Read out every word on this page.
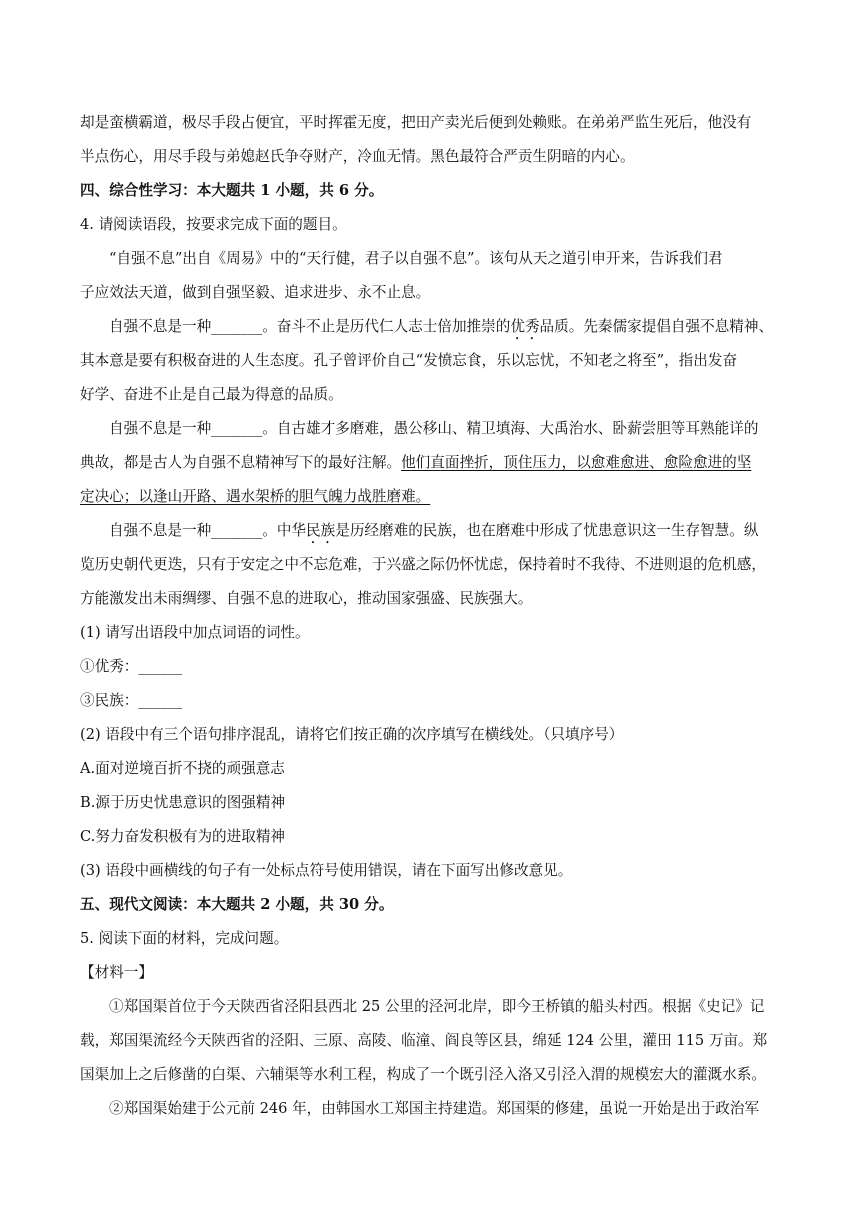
却是蛮横霸道，极尽手段占便宜，平时挥霍无度，把田产卖光后便到处赖账。在弟弟严监生死后，他没有
半点伤心，用尽手段与弟媳赵氏争夺财产，冷血无情。黑色最符合严贡生阴暗的内心。
四、综合性学习：本大题共 1 小题，共 6 分。
4. 请阅读语段，按要求完成下面的题目。
“自强不息”出自《周易》中的“天行健，君子以自强不息”。该句从天之道引申开来，告诉我们君
子应效法天道，做到自强坚毅、追求进步、永不止息。
自强不息是一种_______。奋斗不止是历代仁人志士倍加推崇的优秀品质。先秦儒家提倡自强不息精神、
其本意是要有积极奋进的人生态度。孔子曾评价自己“发愤忘食，乐以忘忧，不知老之将至”，指出发奋
好学、奋进不止是自己最为得意的品质。
自强不息是一种_______。自古雄才多磨难，愚公移山、精卫填海、大禹治水、卧薪尝胆等耳熟能详的
典故，都是古人为自强不息精神写下的最好注解。他们直面挫折，顶住压力，以愈难愈进、愈险愈进的坚
定决心；以逢山开路、遇水架桥的胆气魄力战胜磨难。
自强不息是一种_______。中华民族是历经磨难的民族，也在磨难中形成了忧患意识这一生存智慧。纵
览历史朝代更迭，只有于安定之中不忘危难，于兴盛之际仍怀忧虑，保持着时不我待、不进则退的危机感，
方能激发出未雨绸缪、自强不息的进取心，推动国家强盛、民族强大。
(1) 请写出语段中加点词语的词性。
①优秀：______
③民族：______
(2) 语段中有三个语句排序混乱，请将它们按正确的次序填写在横线处。（只填序号）
A.面对逆境百折不挠的顽强意志
B.源于历史忧患意识的图强精神
C.努力奋发积极有为的进取精神
(3) 语段中画横线的句子有一处标点符号使用错误，请在下面写出修改意见。
五、现代文阅读：本大题共 2 小题，共 30 分。
5. 阅读下面的材料，完成问题。
【材料一】
①郑国渠首位于今天陕西省泾阳县西北 25 公里的泾河北岸，即今王桥镇的船头村西。根据《史记》记
载，郑国渠流经今天陕西省的泾阳、三原、高陵、临潼、阎良等区县，绵延 124 公里，灌田 115 万亩。郑
国渠加上之后修凿的白渠、六辅渠等水利工程，构成了一个既引泾入洛又引泾入渭的规模宏大的灌溉水系。
②郑国渠始建于公元前 246 年，由韩国水工郑国主持建造。郑国渠的修建，虽说一开始是出于政治军
